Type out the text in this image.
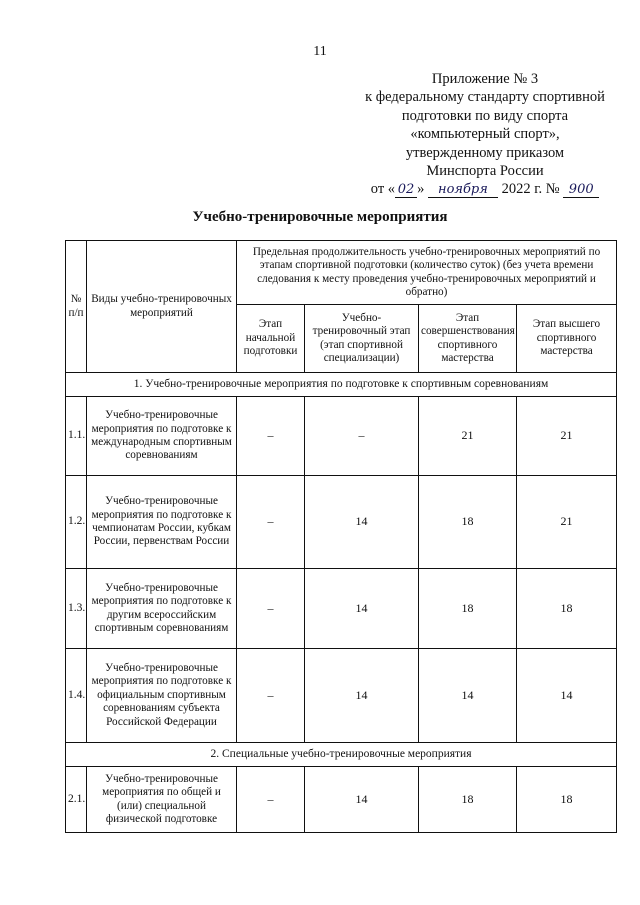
11
Приложение № 3
к федеральному стандарту спортивной
подготовки по виду спорта
«компьютерный спорт»,
утвержденному приказом
Минспорта России
от « 02 » ноября 2022 г. № 900
Учебно-тренировочные мероприятия
№ п/п	Виды учебно-тренировочных мероприятий	Предельная продолжительность учебно-тренировочных мероприятий по этапам спортивной подготовки (количество суток) (без учета времени следования к месту проведения учебно-тренировочных мероприятий и обратно)			
		Этап начальной подготовки	Учебно-тренировочный этап (этап спортивной специализации)	Этап совершенствования спортивного мастерства	Этап высшего спортивного мастерства
1. Учебно-тренировочные мероприятия по подготовке к спортивным соревнованиям					
1.1.	Учебно-тренировочные мероприятия по подготовке к международным спортивным соревнованиям	–	–	21	21
1.2.	Учебно-тренировочные мероприятия по подготовке к чемпионатам России, кубкам России, первенствам России	–	14	18	21
1.3.	Учебно-тренировочные мероприятия по подготовке к другим всероссийским спортивным соревнованиям	–	14	18	18
1.4.	Учебно-тренировочные мероприятия по подготовке к официальным спортивным соревнованиям субъекта Российской Федерации	–	14	14	14
2. Специальные учебно-тренировочные мероприятия					
2.1.	Учебно-тренировочные мероприятия по общей и (или) специальной физической подготовке	–	14	18	18
